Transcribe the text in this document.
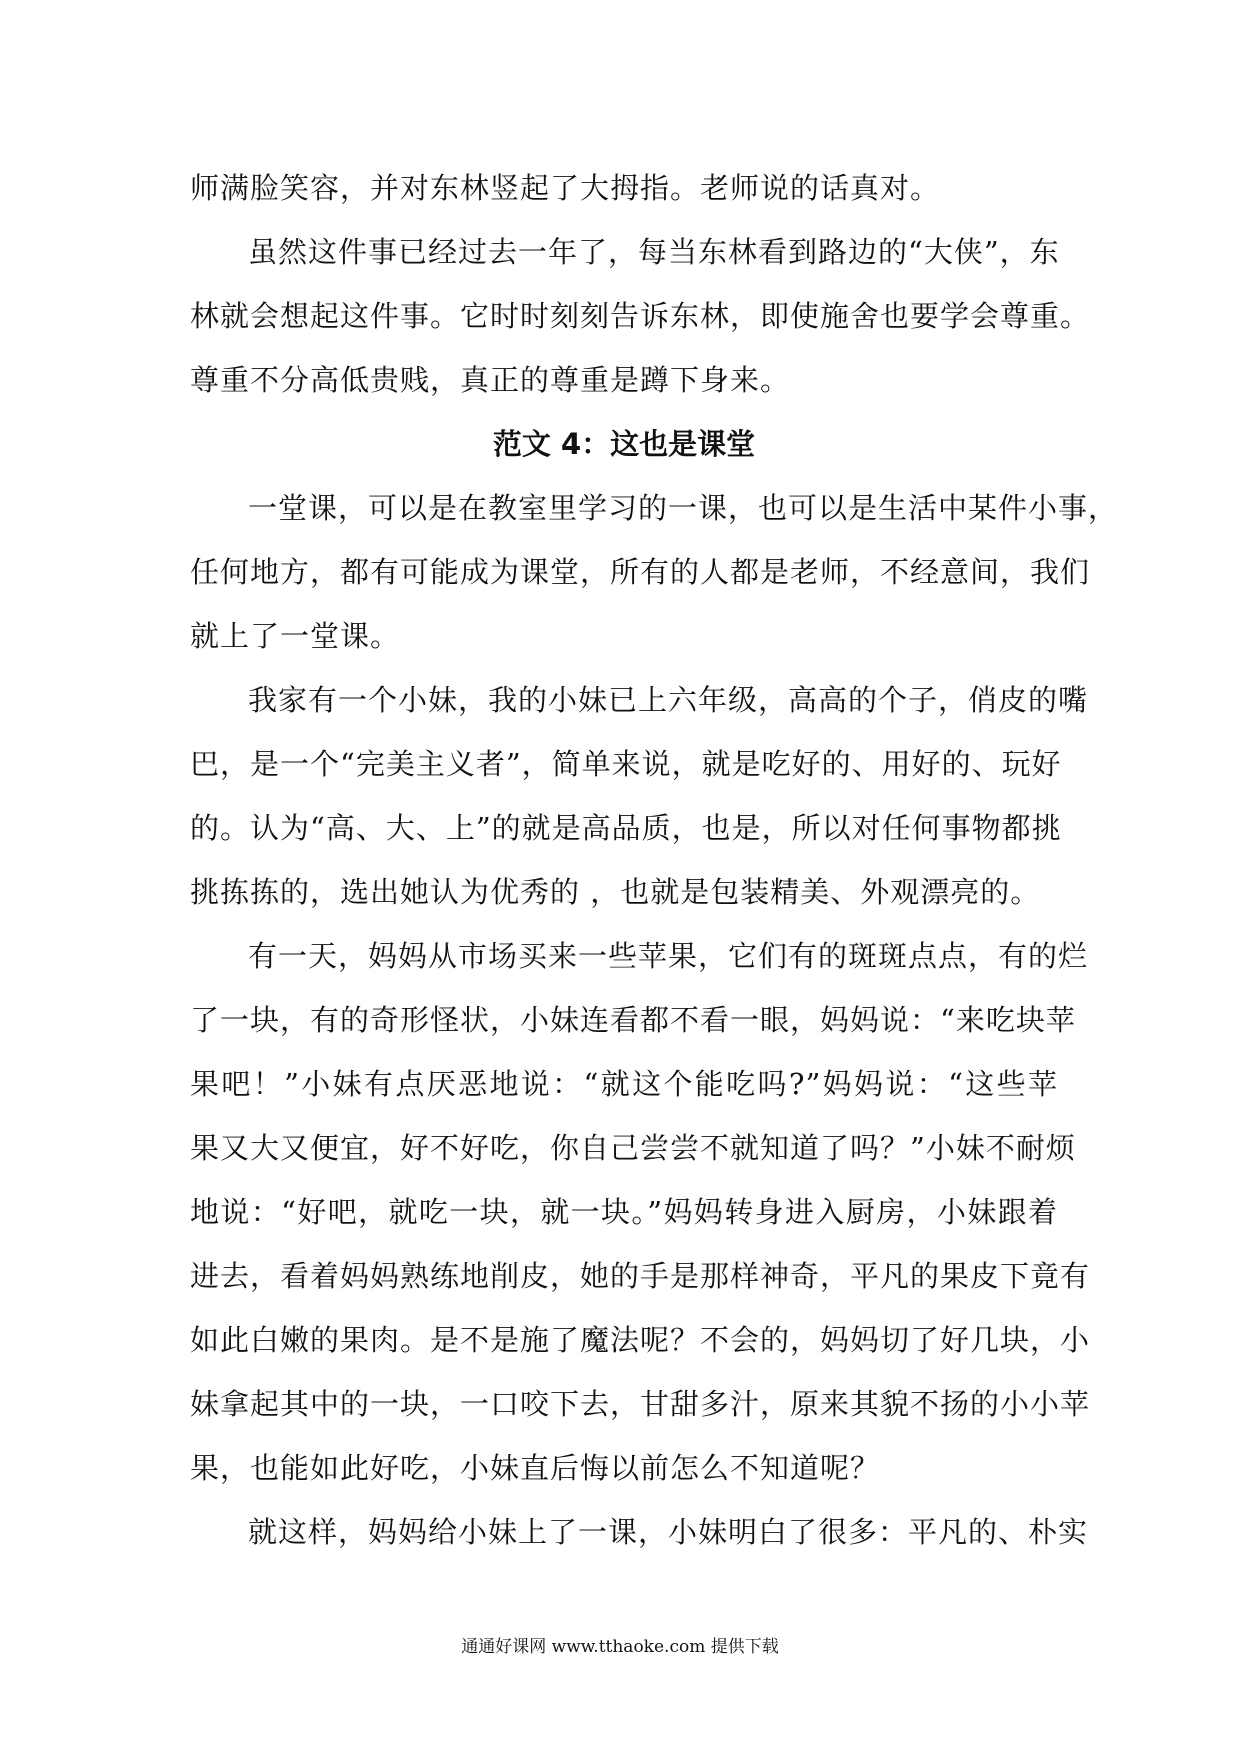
师满脸笑容，并对东林竖起了大拇指。老师说的话真对。
虽然这件事已经过去一年了，每当东林看到路边的“大侠”，东
林就会想起这件事。它时时刻刻告诉东林，即使施舍也要学会尊重。
尊重不分高低贵贱，真正的尊重是蹲下身来。
范文 4：这也是课堂
一堂课，可以是在教室里学习的一课，也可以是生活中某件小事，
任何地方，都有可能成为课堂，所有的人都是老师，不经意间，我们
就上了一堂课。
我家有一个小妹，我的小妹已上六年级，高高的个子，俏皮的嘴
巴，是一个“完美主义者”，简单来说，就是吃好的、用好的、玩好
的。认为“高、大、上”的就是高品质，也是，所以对任何事物都挑
挑拣拣的，选出她认为优秀的 ，也就是包装精美、外观漂亮的。
有一天，妈妈从市场买来一些苹果，它们有的斑斑点点，有的烂
了一块，有的奇形怪状，小妹连看都不看一眼，妈妈说：“来吃块苹
果吧！”小妹有点厌恶地说：“就这个能吃吗?”妈妈说：“这些苹
果又大又便宜，好不好吃，你自己尝尝不就知道了吗？”小妹不耐烦
地说：“好吧，就吃一块，就一块。”妈妈转身进入厨房，小妹跟着
进去，看着妈妈熟练地削皮，她的手是那样神奇，平凡的果皮下竟有
如此白嫩的果肉。是不是施了魔法呢？不会的，妈妈切了好几块，小
妹拿起其中的一块，一口咬下去，甘甜多汁，原来其貌不扬的小小苹
果，也能如此好吃，小妹直后悔以前怎么不知道呢？
就这样，妈妈给小妹上了一课，小妹明白了很多：平凡的、朴实
通通好课网 www.tthaoke.com 提供下载
